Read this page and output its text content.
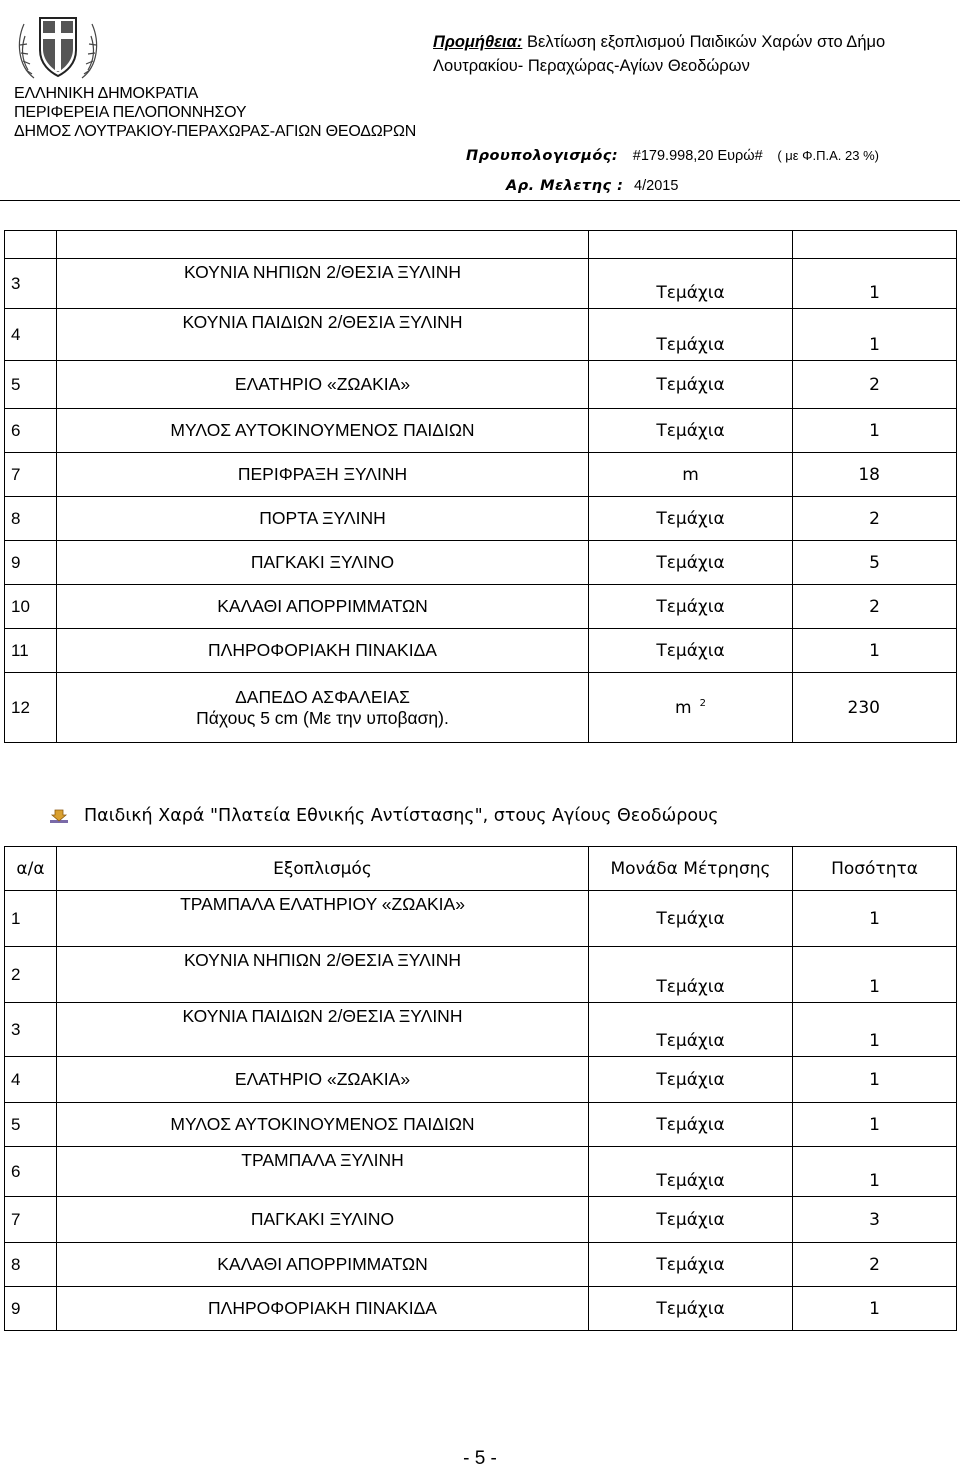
ΕΛΛΗΝΙΚΗ ΔΗΜΟΚΡΑΤΙΑ
ΠΕΡΙΦΕΡΕΙΑ ΠΕΛΟΠΟΝΝΗΣΟΥ
ΔΗΜΟΣ ΛΟΥΤΡΑΚΙΟΥ-ΠΕΡΑΧΩΡΑΣ-ΑΓΙΩΝ ΘΕΟΔΩΡΩΝ
Προμήθεια: Βελτίωση εξοπλισμού Παιδικών Χαρών στο Δήμο Λουτρακίου- Περαχώρας-Αγίων Θεοδώρων
Προυπολογισμός: #179.998,20 Ευρώ# ( με Φ.Π.Α. 23 %)
Αρ. Μελετης : 4/2015

3	ΚΟΥΝΙΑ ΝΗΠΙΩΝ 2/ΘΕΣΙΑ ΞΥΛΙΝΗ	Τεμάχια	1
4	ΚΟΥΝΙΑ ΠΑΙΔΙΩΝ 2/ΘΕΣΙΑ ΞΥΛΙΝΗ	Τεμάχια	1
5	ΕΛΑΤΗΡΙΟ «ΖΩΑΚΙΑ»	Τεμάχια	2
6	ΜΥΛΟΣ ΑΥΤΟΚΙΝΟΥΜΕΝΟΣ ΠΑΙΔΙΩΝ	Τεμάχια	1
7	ΠΕΡΙΦΡΑΞΗ ΞΥΛΙΝΗ	m	18
8	ΠΟΡΤΑ ΞΥΛΙΝΗ	Τεμάχια	2
9	ΠΑΓΚΑΚΙ ΞΥΛΙΝΟ	Τεμάχια	5
10	ΚΑΛΑΘΙ ΑΠΟΡΡΙΜΜΑΤΩΝ	Τεμάχια	2
11	ΠΛΗΡΟΦΟΡΙΑΚΗ ΠΙΝΑΚΙΔΑ	Τεμάχια	1
12	ΔΑΠΕΔΟ ΑΣΦΑΛΕΙΑΣ
Πάχους 5 cm (Με την υποβαση).	m $^2$	230
Παιδική Χαρά "Πλατεία Εθνικής Αντίστασης", στους Αγίους Θεοδώρους
α/α	Εξοπλισμός	Μονάδα Μέτρησης	Ποσότητα
1	ΤΡΑΜΠΑΛΑ ΕΛΑΤΗΡΙΟΥ «ΖΩΑΚΙΑ»	Τεμάχια	1
2	ΚΟΥΝΙΑ ΝΗΠΙΩΝ 2/ΘΕΣΙΑ ΞΥΛΙΝΗ	Τεμάχια	1
3	ΚΟΥΝΙΑ ΠΑΙΔΙΩΝ 2/ΘΕΣΙΑ ΞΥΛΙΝΗ	Τεμάχια	1
4	ΕΛΑΤΗΡΙΟ «ΖΩΑΚΙΑ»	Τεμάχια	1
5	ΜΥΛΟΣ ΑΥΤΟΚΙΝΟΥΜΕΝΟΣ ΠΑΙΔΙΩΝ	Τεμάχια	1
6	ΤΡΑΜΠΑΛΑ ΞΥΛΙΝΗ	Τεμάχια	1
7	ΠΑΓΚΑΚΙ ΞΥΛΙΝΟ	Τεμάχια	3
8	ΚΑΛΑΘΙ ΑΠΟΡΡΙΜΜΑΤΩΝ	Τεμάχια	2
9	ΠΛΗΡΟΦΟΡΙΑΚΗ ΠΙΝΑΚΙΔΑ	Τεμάχια	1
- 5 -
